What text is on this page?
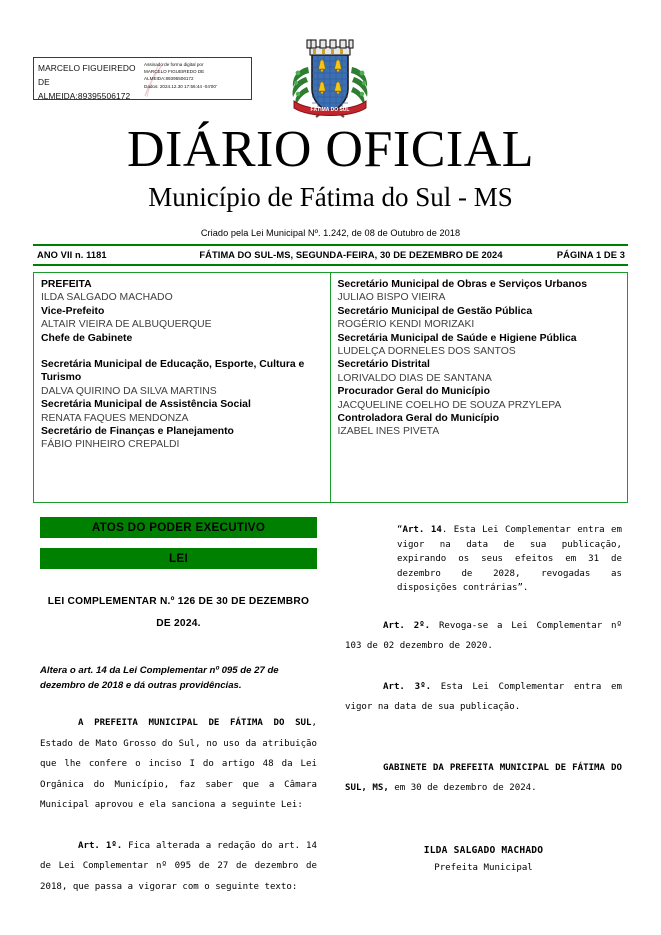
MARCELO FIGUEIREDO DE ALMEIDA:89395506172
Assinado de forma digital por
MARCELO FIGUEIREDO DE
ALMEIDA:89395506172
Dados: 2024.12.30 17:56:44 -04'00'
FÁTIMA DO SUL
DIÁRIO OFICIAL
Município de Fátima do Sul - MS
Criado pela Lei Municipal Nº. 1.242, de 08 de Outubro de 2018
ANO VII n. 1181	FÁTIMA DO SUL-MS, SEGUNDA-FEIRA, 30 DE DEZEMBRO DE 2024	PÁGINA 1 DE 3
PREFEITA
ILDA SALGADO MACHADO
Vice-Prefeito
ALTAIR VIEIRA DE ALBUQUERQUE
Chefe de Gabinete
Secretária Municipal de Educação, Esporte, Cultura e Turismo
DALVA QUIRINO DA SILVA MARTINS
Secretária Municipal de Assistência Social
RENATA FAQUES MENDONZA
Secretário de Finanças e Planejamento
FÁBIO PINHEIRO CREPALDI
Secretário Municipal de Obras e Serviços Urbanos
JULIAO BISPO VIEIRA
Secretário Municipal de Gestão Pública
ROGÉRIO KENDI MORIZAKI
Secretária Municipal de Saúde e Higiene Pública
LUDELÇA DORNELES DOS SANTOS
Secretário Distrital
LORIVALDO DIAS DE SANTANA
Procurador Geral do Município
JACQUELINE COELHO DE SOUZA PRZYLEPA
Controladora Geral do Município
IZABEL INES PIVETA
ATOS DO PODER EXECUTIVO
LEI
LEI COMPLEMENTAR N.º 126 DE 30 DE DEZEMBRO DE 2024.
Altera o art. 14 da Lei Complementar nº 095 de 27 de dezembro de 2018 e dá outras providências.
A PREFEITA MUNICIPAL DE FÁTIMA DO SUL, Estado de Mato Grosso do Sul, no uso da atribuição que lhe confere o inciso I do artigo 48 da Lei Orgânica do Município, faz saber que a Câmara Municipal aprovou e ela sanciona a seguinte Lei:
Art. 1º. Fica alterada a redação do art. 14 de Lei Complementar nº 095 de 27 de dezembro de 2018, que passa a vigorar com o seguinte texto:
“Art. 14. Esta Lei Complementar entra em vigor na data de sua publicação, expirando os seus efeitos em 31 de dezembro de 2028, revogadas as disposições contrárias”.
Art. 2º. Revoga-se a Lei Complementar nº 103 de 02 dezembro de 2020.
Art. 3º. Esta Lei Complementar entra em vigor na data de sua publicação.
GABINETE DA PREFEITA MUNICIPAL DE FÁTIMA DO SUL, MS, em 30 de dezembro de 2024.
ILDA SALGADO MACHADO
Prefeita Municipal
